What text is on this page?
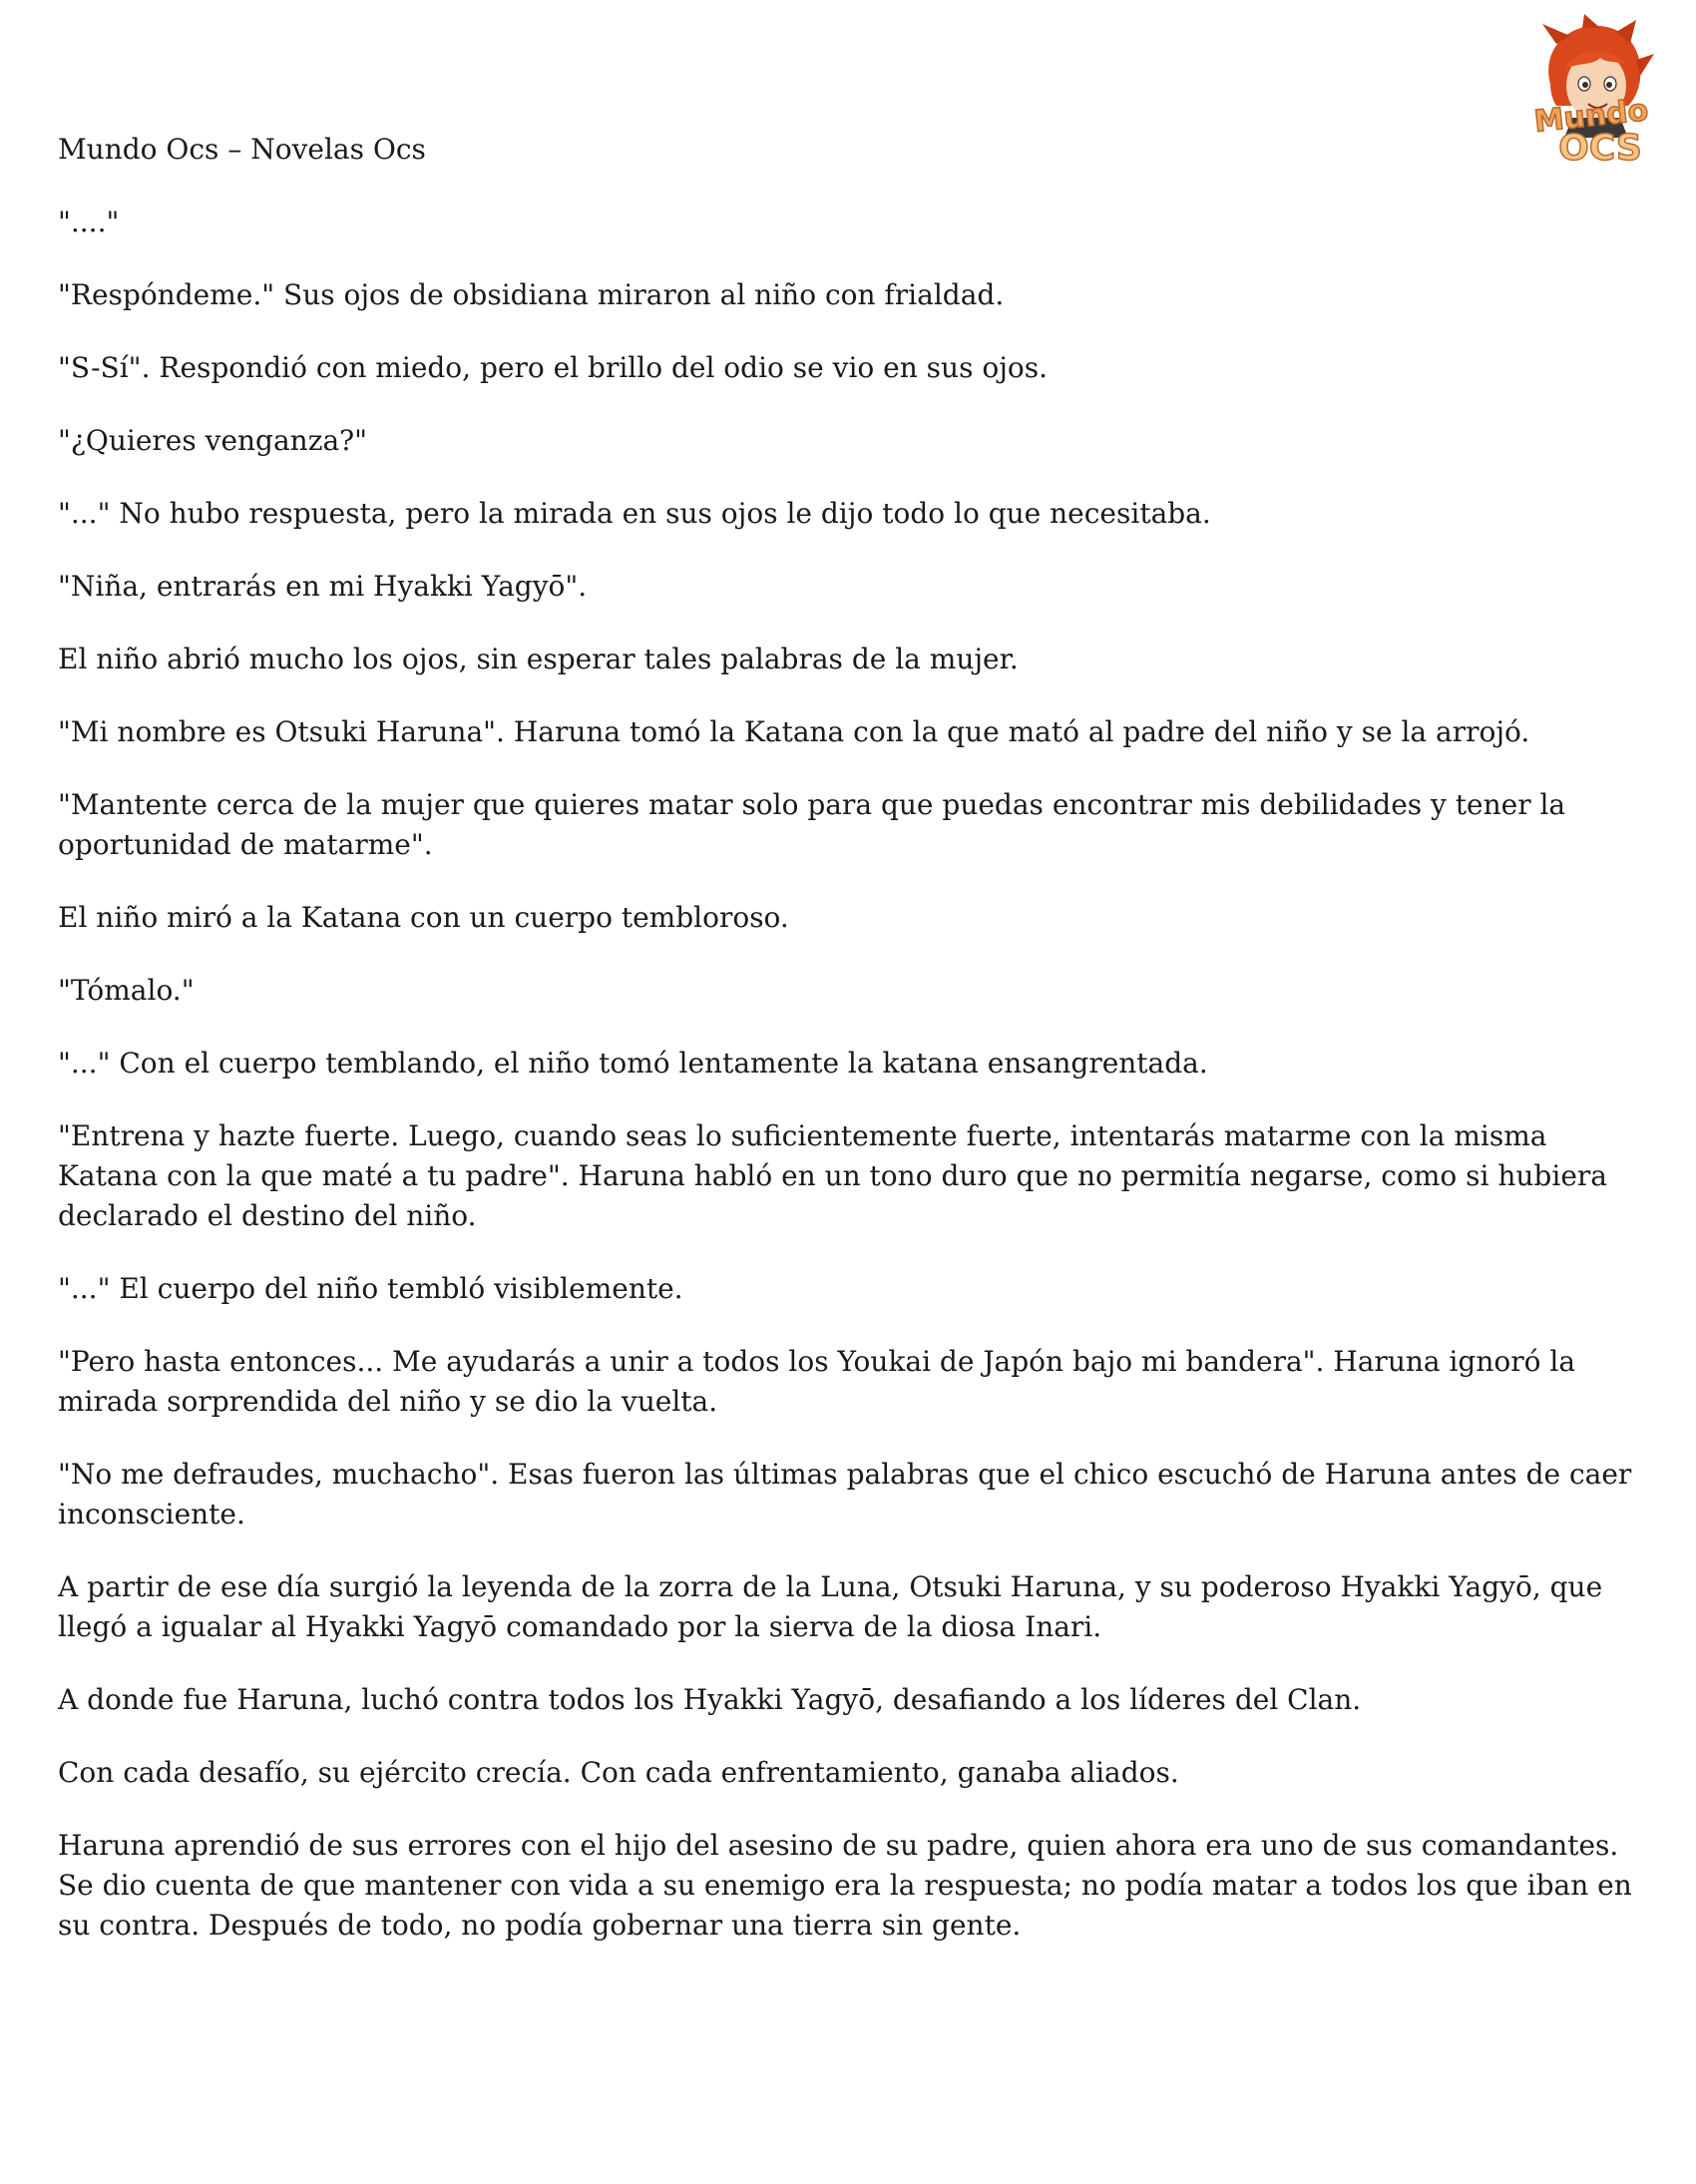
Mundo
OCS

Mundo Ocs – Novelas Ocs

"...."

"Respóndeme." Sus ojos de obsidiana miraron al niño con frialdad.

"S-Sí". Respondió con miedo, pero el brillo del odio se vio en sus ojos.

"¿Quieres venganza?"

"..." No hubo respuesta, pero la mirada en sus ojos le dijo todo lo que necesitaba.

"Niña, entrarás en mi Hyakki Yagyō".

El niño abrió mucho los ojos, sin esperar tales palabras de la mujer.

"Mi nombre es Otsuki Haruna". Haruna tomó la Katana con la que mató al padre del niño y se la arrojó.

"Mantente cerca de la mujer que quieres matar solo para que puedas encontrar mis debilidades y tener la oportunidad de matarme".

El niño miró a la Katana con un cuerpo tembloroso.

"Tómalo."

"..." Con el cuerpo temblando, el niño tomó lentamente la katana ensangrentada.

"Entrena y hazte fuerte. Luego, cuando seas lo suficientemente fuerte, intentarás matarme con la misma Katana con la que maté a tu padre". Haruna habló en un tono duro que no permitía negarse, como si hubiera declarado el destino del niño.

"..." El cuerpo del niño tembló visiblemente.

"Pero hasta entonces... Me ayudarás a unir a todos los Youkai de Japón bajo mi bandera". Haruna ignoró la mirada sorprendida del niño y se dio la vuelta.

"No me defraudes, muchacho". Esas fueron las últimas palabras que el chico escuchó de Haruna antes de caer inconsciente.

A partir de ese día surgió la leyenda de la zorra de la Luna, Otsuki Haruna, y su poderoso Hyakki Yagyō, que llegó a igualar al Hyakki Yagyō comandado por la sierva de la diosa Inari.

A donde fue Haruna, luchó contra todos los Hyakki Yagyō, desafiando a los líderes del Clan.

Con cada desafío, su ejército crecía. Con cada enfrentamiento, ganaba aliados.

Haruna aprendió de sus errores con el hijo del asesino de su padre, quien ahora era uno de sus comandantes. Se dio cuenta de que mantener con vida a su enemigo era la respuesta; no podía matar a todos los que iban en su contra. Después de todo, no podía gobernar una tierra sin gente.
